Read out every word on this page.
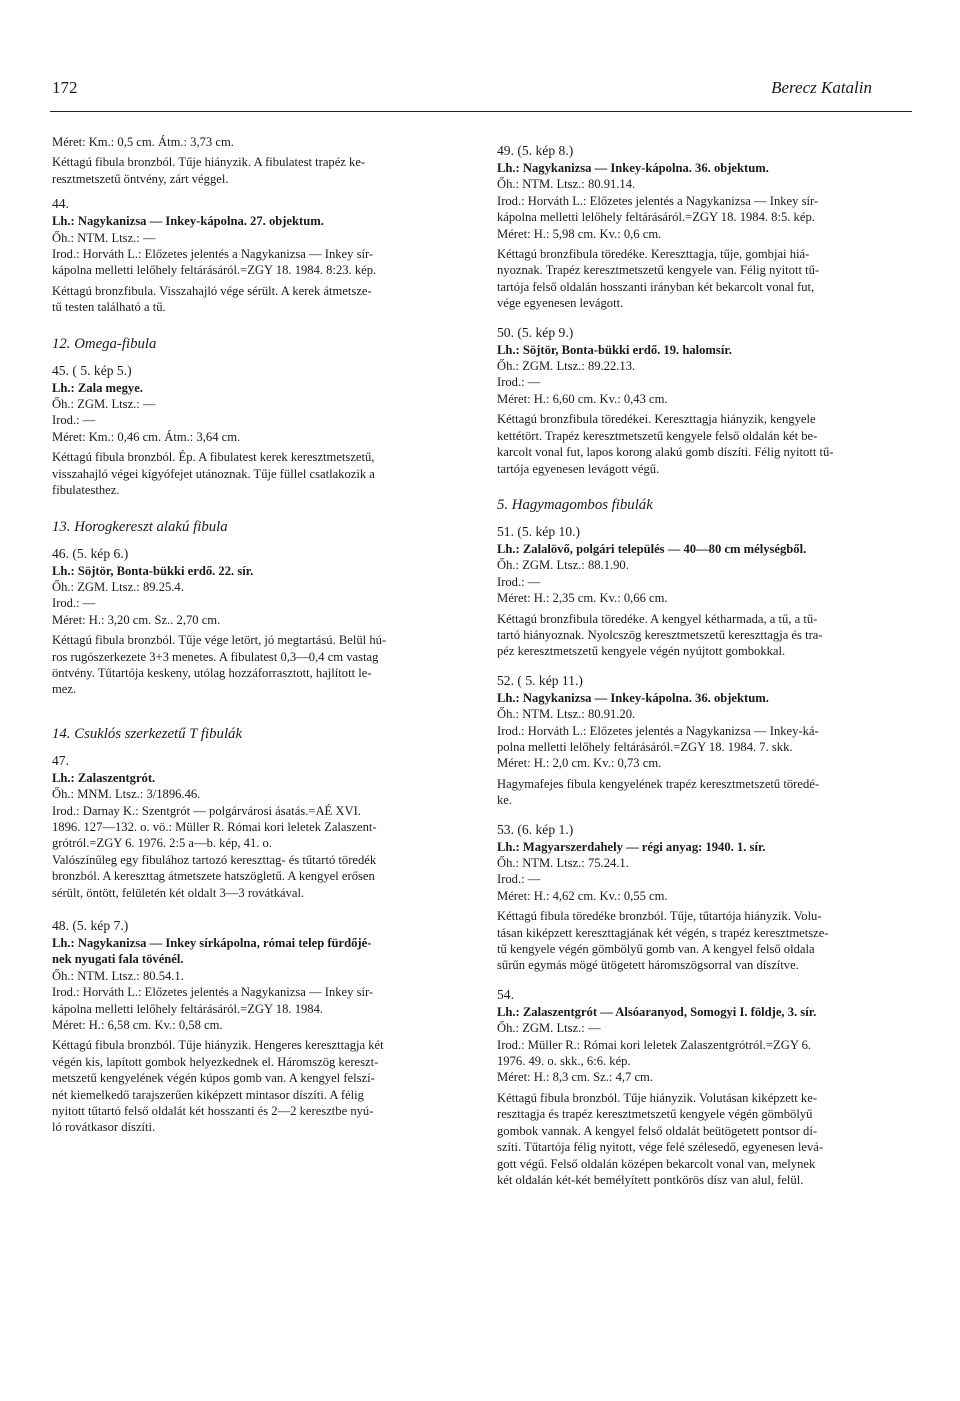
172	Berecz Katalin
Méret: Km.: 0,5 cm. Átm.: 3,73 cm.
Kéttagú fibula bronzból. Tűje hiányzik. A fibulatest trapéz ke-
resztmetszetű öntvény, zárt véggel.
44.
Lh.: Nagykanizsa — Inkey-kápolna. 27. objektum.
Őh.: NTM. Ltsz.: —
Irod.: Horváth L.: Előzetes jelentés a Nagykanizsa — Inkey sír-
kápolna melletti lelőhely feltárásáról.=ZGY 18. 1984. 8:23. kép.
Kéttagú bronzfibula. Visszahajló vége sérült. A kerek átmetsze-
tű testen található a tű.
12. Omega-fibula
45. ( 5. kép 5.)
Lh.: Zala megye.
Őh.: ZGM. Ltsz.: —
Irod.: —
Méret: Km.: 0,46 cm. Átm.: 3,64 cm.
Kéttagú fibula bronzból. Ép. A fibulatest kerek keresztmetszetű,
visszahajló végei kígyófejet utánoznak. Tűje füllel csatlakozik a
fibulatesthez.
13. Horogkereszt alakú fibula
46. (5. kép 6.)
Lh.: Söjtör, Bonta-bükki erdő. 22. sír.
Őh.: ZGM. Ltsz.: 89.25.4.
Irod.: —
Méret: H.: 3,20 cm. Sz.. 2,70 cm.
Kéttagú fibula bronzból. Tűje vége letört, jó megtartású. Belül hú-
ros rugószerkezete 3+3 menetes. A fibulatest 0,3—0,4 cm vastag
öntvény. Tűtartója keskeny, utólag hozzáforrasztott, hajlított le-
mez.
14. Csuklós szerkezetű T fibulák
47.
Lh.: Zalaszentgrót.
Őh.: MNM. Ltsz.: 3/1896.46.
Irod.: Darnay K.: Szentgrót — polgárvárosi ásatás.=AÉ XVI.
1896. 127—132. o. vö.: Müller R. Római kori leletek Zalaszent-
grótról.=ZGY 6. 1976. 2:5 a—b. kép, 41. o.
Valószínűleg egy fibulához tartozó kereszttag- és tűtartó töredék
bronzból. A kereszttag átmetszete hatszögletű. A kengyel erősen
sérült, öntött, felületén két oldalt 3—3 rovátkával.
48. (5. kép 7.)
Lh.: Nagykanizsa — Inkey sírkápolna, római telep fürdőjé-
nek nyugati fala tövénél.
Őh.: NTM. Ltsz.: 80.54.1.
Irod.: Horváth L.: Előzetes jelentés a Nagykanizsa — Inkey sír-
kápolna melletti lelőhely feltárásáról.=ZGY 18. 1984.
Méret: H.: 6,58 cm. Kv.: 0,58 cm.
Kéttagú fibula bronzból. Tűje hiányzik. Hengeres kereszttagja két
végén kis, lapított gombok helyezkednek el. Háromszög kereszt-
metszetű kengyelének végén kúpos gomb van. A kengyel felszí-
nét kiemelkedő tarajszerűen kiképzett mintasor díszíti. A félig
nyitott tűtartó felső oldalát két hosszanti és 2—2 keresztbe nyú-
ló rovátkasor díszíti.
49. (5. kép 8.)
Lh.: Nagykanizsa — Inkey-kápolna. 36. objektum.
Őh.: NTM. Ltsz.: 80.91.14.
Irod.: Horváth L.: Előzetes jelentés a Nagykanizsa — Inkey sír-
kápolna melletti lelőhely feltárásáról.=ZGY 18. 1984. 8:5. kép.
Méret: H.: 5,98 cm. Kv.: 0,6 cm.
Kéttagú bronzfibula töredéke. Kereszttagja, tűje, gombjai hiá-
nyoznak. Trapéz keresztmetszetű kengyele van. Félig nyitott tű-
tartója felső oldalán hosszanti irányban két bekarcolt vonal fut,
vége egyenesen levágott.
50. (5. kép 9.)
Lh.: Söjtör, Bonta-bükki erdő. 19. halomsír.
Őh.: ZGM. Ltsz.: 89.22.13.
Irod.: —
Méret: H.: 6,60 cm. Kv.: 0,43 cm.
Kéttagú bronzfibula töredékei. Kereszttagja hiányzik, kengyele
kettétört. Trapéz keresztmetszetű kengyele felső oldalán két be-
karcolt vonal fut, lapos korong alakú gomb díszíti. Félig nyitott tű-
tartója egyenesen levágott végű.
5. Hagymagombos fibulák
51. (5. kép 10.)
Lh.: Zalalövő, polgári település — 40—80 cm mélységből.
Őh.: ZGM. Ltsz.: 88.1.90.
Irod.: —
Méret: H.: 2,35 cm. Kv.: 0,66 cm.
Kéttagú bronzfibula töredéke. A kengyel kétharmada, a tű, a tű-
tartó hiányoznak. Nyolcszög keresztmetszetű kereszttagja és tra-
péz keresztmetszetű kengyele végén nyújtott gombokkal.
52. ( 5. kép 11.)
Lh.: Nagykanizsa — Inkey-kápolna. 36. objektum.
Őh.: NTM. Ltsz.: 80.91.20.
Irod.: Horváth L.: Előzetes jelentés a Nagykanizsa — Inkey-ká-
polna melletti lelőhely feltárásáról.=ZGY 18. 1984. 7. skk.
Méret: H.: 2,0 cm. Kv.: 0,73 cm.
Hagymafejes fibula kengyelének trapéz keresztmetszetű töredé-
ke.
53. (6. kép 1.)
Lh.: Magyarszerdahely — régi anyag: 1940. 1. sír.
Őh.: NTM. Ltsz.: 75.24.1.
Irod.: —
Méret: H.: 4,62 cm. Kv.: 0,55 cm.
Kéttagú fibula töredéke bronzból. Tűje, tűtartója hiányzik. Volu-
tásan kiképzett kereszttagjának két végén, s trapéz keresztmetsze-
tű kengyele végén gömbölyű gomb van. A kengyel felső oldala
sűrűn egymás mögé ütögetett háromszögsorral van díszítve.
54.
Lh.: Zalaszentgrót — Alsóaranyod, Somogyi I. földje, 3. sír.
Őh.: ZGM. Ltsz.: —
Irod.: Müller R.: Római kori leletek Zalaszentgrótról.=ZGY 6.
1976. 49. o. skk., 6:6. kép.
Méret: H.: 8,3 cm. Sz.: 4,7 cm.
Kéttagú fibula bronzból. Tűje hiányzik. Volutásan kiképzett ke-
reszttagja és trapéz keresztmetszetű kengyele végén gömbölyű
gombok vannak. A kengyel felső oldalát beütögetett pontsor dí-
szíti. Tűtartója félig nyitott, vége felé szélesedő, egyenesen levá-
gott végű. Felső oldalán középen bekarcolt vonal van, melynek
két oldalán két-két bemélyített pontkörös dísz van alul, felül.
